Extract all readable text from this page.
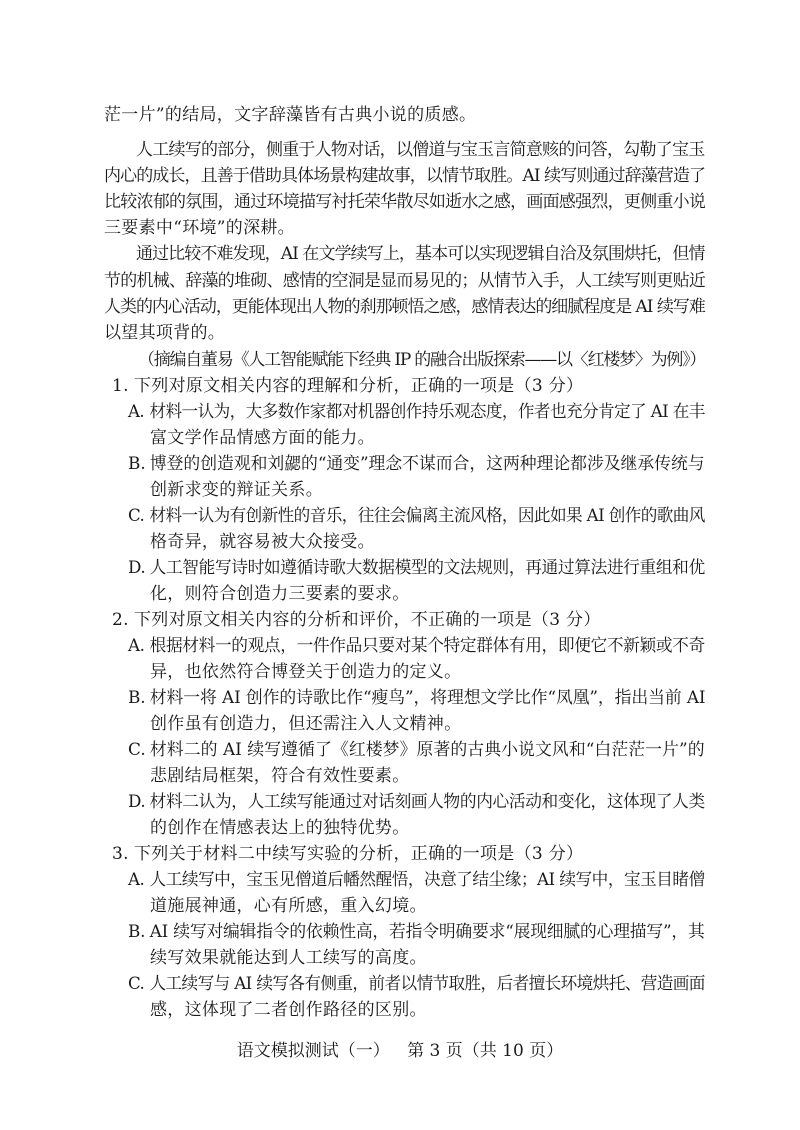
茫一片”的结局，文字辞藻皆有古典小说的质感。
人工续写的部分，侧重于人物对话，以僧道与宝玉言简意赅的问答，勾勒了宝玉
内心的成长，且善于借助具体场景构建故事，以情节取胜。AI 续写则通过辞藻营造了
比较浓郁的氛围，通过环境描写衬托荣华散尽如逝水之感，画面感强烈，更侧重小说
三要素中“环境”的深耕。
通过比较不难发现，AI 在文学续写上，基本可以实现逻辑自洽及氛围烘托，但情
节的机械、辞藻的堆砌、感情的空洞是显而易见的；从情节入手，人工续写则更贴近
人类的内心活动，更能体现出人物的刹那顿悟之感，感情表达的细腻程度是 AI 续写难
以望其项背的。
（摘编自董易《人工智能赋能下经典 IP 的融合出版探索——以〈红楼梦〉为例》）
1. 下列对原文相关内容的理解和分析，正确的一项是（3 分）
A. 材料一认为，大多数作家都对机器创作持乐观态度，作者也充分肯定了 AI 在丰
富文学作品情感方面的能力。
B. 博登的创造观和刘勰的“通变”理念不谋而合，这两种理论都涉及继承传统与
创新求变的辩证关系。
C. 材料一认为有创新性的音乐，往往会偏离主流风格，因此如果 AI 创作的歌曲风
格奇异，就容易被大众接受。
D. 人工智能写诗时如遵循诗歌大数据模型的文法规则，再通过算法进行重组和优
化，则符合创造力三要素的要求。
2. 下列对原文相关内容的分析和评价，不正确的一项是（3 分）
A. 根据材料一的观点，一件作品只要对某个特定群体有用，即便它不新颖或不奇
异，也依然符合博登关于创造力的定义。
B. 材料一将 AI 创作的诗歌比作“瘦鸟”，将理想文学比作“凤凰”，指出当前 AI
创作虽有创造力，但还需注入人文精神。
C. 材料二的 AI 续写遵循了《红楼梦》原著的古典小说文风和“白茫茫一片”的
悲剧结局框架，符合有效性要素。
D. 材料二认为，人工续写能通过对话刻画人物的内心活动和变化，这体现了人类
的创作在情感表达上的独特优势。
3. 下列关于材料二中续写实验的分析，正确的一项是（3 分）
A. 人工续写中，宝玉见僧道后幡然醒悟，决意了结尘缘；AI 续写中，宝玉目睹僧
道施展神通，心有所感，重入幻境。
B. AI 续写对编辑指令的依赖性高，若指令明确要求“展现细腻的心理描写”，其
续写效果就能达到人工续写的高度。
C. 人工续写与 AI 续写各有侧重，前者以情节取胜，后者擅长环境烘托、营造画面
感，这体现了二者创作路径的区别。
语文模拟测试（一） 第 3 页（共 10 页）
